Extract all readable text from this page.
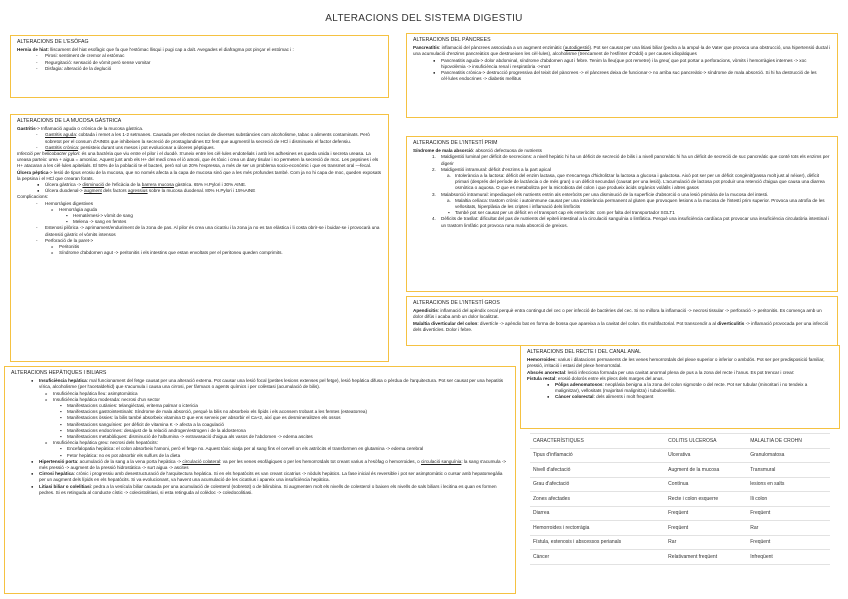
ALTERACIONS DEL SISTEMA DIGESTIU
ALTERACIONS DE L'ESÒFAG

Hernia de hiat: lliscament del hiat esofàgic que fa que l'estómac llisqui i pugi cap a dalt. Avegades el diafragma pot pinçar el estómac i :

- Pirosi: sentiment de cremor al estómac
- Regurgitació: sensació de vòmit però sense vomitar
- Disfagia: alteració de la deglució
ALTERACIONS DE LA MUCOSA GÀSTRICA

Gastritis-> Inflamació aguda o crònica de la mucosa gàstrica.

- Gastritis aguda: cobtada i remet a les 1-2 setmanes. Causada per efectes nocius de diverses substàncies com alcoholisme, tabac o aliments contaminats. Però sobretot per el consum d'AINEs que inhibeixen la secreció de prostaglandines E2 fent que augmentil la secreció de HCl i disminueix el factor defensiu.
- Gastritis crònica: persisteix durant uns mesos i pot evolucionar a úlceres pèptiques.

Infecció per helicobacter pylori: és una bactèria que viu entre el pilor i el duodè. S'uneix entre les cèl·lules endotelials i amb les adhesines es queda unida i secreta ureasa. La ureasa parteix: urea + aigua = amoníac. Aquest junt amb els H+ del medi crea el ió amoni, que és tòxic i crea un dany tisular i no permeten la secreció de moc. Les pepsines i els H+ atacaran a les cèl·lules apitelials. El 50% de la població te el bacteri, però sol un 20% l'expressa, a més de ser un problema socio-econòmic i que es transmet oral —fecal.

Úlcera pèptica-> lesió de tipus erosiu de la mucosa, que no només afecta a la capa de mucosa sinó que a les més profundes també. Com ja no hi capa de moc, queden exposats la pepsina i el HCl que crearan forats.

● Úlcera gàstrica -> disminució de l'eficàcia de la barrera mucosa gàstrica. 65% H.Pylori i 30% AINE.
● Úlcera duodenal-> augment dels factors agressius sobre la mucosa duodenal. 80% H.Pylori i 15%AINE

Complicacions:

- Hemorràgies digestives
o Hemorràgia aguda
▪ Hematèmesi-> vòmit de sang
▪ Melena -> sang en femtes
- Estenosi pilòrica -> aprimament/enduriment de la zona de pas. Al pilor és crea una cicatriu i la zona ja no es tan elàstica i li costa obrir-se i buidar-se i provocarà una distensió gàstric el vòmits intensos
- Perforació de la paret->
o Peritonitis
o Síndrome d'abdomen agut -> peritonitis i els intestins que estan envoltats per el peritoneu queden comprimits.
ALTERACIONS HEPÀTIQUES I BILIARS
● Insuficiència hepàtica: mal funcionament del fetge causat per una alteració externa. Pot causar una lesió focal (petites lesions extenses pel fetge), lesió hepàtica difusa o pèrdua de l'arquitectura. Pot ser causat per una hepatitis vírica, alcoholisme (per l'acetaldehid) que s'acumula i causa una cirrosi, per fàrmacs o agents químics i per colèstasi (acumulació de bilis).
o Insuficiència hepàtica lleu: asimptomàtica
o Insuficiència hepàtica moderada: necrosi d'un sector
▪ Manifestacions cutànies: telangièctasi, eritema palmar o ictericia
▪ Manifestacions gastrointestinals: Síndrome de mala absorció, perquè la bilis no absorbeix els lípids i els aconsem trobant a les femtes (esteatorrea)
▪ Manifestacions òssies: la bilis també absorbeix vitamina D que ens serveix per absorbir el Ca+2, així que es desmineralitzen els ossos
▪ Manifestacions sanguínies: per dèficit de vitamina K -> afecta a la coagulació
▪ Manifestacions endocrines: desajust de la relació androgen/estrogen i de la aldosterona
▪ Manifestacions metabòliques: disminució de l'albumina -> extravasació d'aigua als vasos de l'abdomen -> edema ascites
o Insuficiència hepàtica greu: necrosi dels hepatòcits:
▪ Encefalopatia hepàtica: el colon absorbeix l'amoni, però el fetge no. Aquest tòxic viatja per al sang fins el cervell on els astròcits el transformen en glutamina -> edema cerebral
▪ Fetor hepàtica: no es pot absorbir els sulfurs de la dieta
● Hipertensió porta: acumulació de la sang a la vena porta hepàtica -> circulació colateral: va per les venes esofàgiques o per les hemorroïdals tot creant varius a l'esòfag o hemorroides, o circulació sanguínia: la sang s'acumula -> més pressió -> augment de la pressió hidrostàtica -> surt aigua -> ascites
● Cirrosi hepàtica: crònic i progressiu amb desestructuració de l'arquitectura hepàtica. Si en els hepatòcits es van creant cicatrius -> nòduls hepàtics. La fase inicial és reversible i pot ser asimptomàtic o cursar amb hepatomegàlia per un augment dels lípids en els hepatòcits. Si va evolucionant, va havent una acumulació de les cicatrius i apareix una insuficiència hepàtica.
● Litiasi biliar o colelitiasi: pedra a la vesícula biliar causada per una acumulació de colesterol (sobretot) o de bilirubina. Si augmenten molt els nivells de colesterol o baixen els nivells de sals biliars i lecitina es quan es formen pedres. Si es retinguda al conducte cístic -> colecistolitiasi, si esta retinguda al colèdoc -> coledocolitiasi.
ALTERACIONS DEL PÀNCREES

Pancreatitis: inflamació del pàncrees associada a un augment enzimàtic (autodigestió). Pot ser causat per una litiasi biliar (pedra a la ampul·la de Vater que provoca una obstrucció, una hipertensió ductal i una acumulació d'enzims pancreàtics que destrueixen les cèl·lules), alcoholisme (trencament de l'esfínter d'Oddi) o per causes idiopàtiques

● Pancreatitis aguda-> dolor abdominal, síndrome d'abdomen agut i febre. Tenim la lleu(que pot remetre) i la greu( que pot portar a perforacions, vòmits i hemorràgies internes -> xoc hipovolèmia -> insuficiència renal i respiratòria ->mort
● Pancreatitis crònica-> destrucció progressiva del teixit del pàncrees -> el pàncrees deixa de funcionar-> no arriba suc pancreàtic-> síndrome de mala absorció. Si hi ha destrucció de les cèl·lules endocrines -> diabetis mellitus
ALTERACIONS DE L'INTESTÍ PRIM

Síndrome de mala absorció: absorció defectuosa de nutrients

1. Maldigestió luminal per dèficit de secrecions: a nivell hepàtic hi ha un dèficit de secreció de bilis i a nivell pancreàtic hi ha un dèficit de secreció de suc pancreàtic que conté tots els enzims per digerir
2. Maldigestió intramural: dèficit d'enzims a la part apical
a. Intolerància a la lactosa: dèficit del enzim lactasa, que s'encarrega d'hidrolitzar la lactosa a glucosa i galactosa. Això pot ser per un dèficit congènit(passa molt just al néixer), dèficit primari (després del període de lactància o de més gran) o un dèficit secundari (causat per una lesió). L'acumulació de lactosa pot produir una retenció d'aigua que causa una diarrea osmòtica o aquosa. O que es metabolitza per la microbiota del colon i que produeix àcids orgànics volàtils i altres gasos
3. Malabsorció intramural: impediaquel els nutrients entrin als enteròcits per una disminució de la superfície d'absorció o una lesió primària de la mucosa del intesti.
a. Malaltia celíaca: trastorn crònic i autoimmune causat per una intolerància permanent al gluten que provoquen lesions a la mucosa de l'intestí prim superior. Provoca una atrofia de les vellositats, hiperplàsia de les criptes i inflamació dels limfòcits
▪ També pot ser causat per un dèficit en el transport cap els enteròcits: com per falta del transportador SGLT1
4. Dèficits de trasllat: dificultat del pas de nutrients del epiteli intestinal a la circulació sanguínia o limfàtica. Perquè una insuficiència cardíaca pot provocar una insuficiència circulatòria intestinal i un trastorn limfàtic pot provoca runa mala absorció de greixos.
ALTERACIONS DE L'INTESTÍ GROS

Apendicitis: inflamació del apèndix cecal perquè entra contingut del cec o per infecció de bactèries del cec. Si no millora la inflamació -> necrosi tissular -> perforació -> peritonitis. Es comença amb un dolor difús i acaba amb un dolor localitzat.

Malaltia diverticular del colon: divertícle -> apèndix bat en forma de bossa que apareixa a la cavitat del colon. És multifactorial. Pot transcendir a al diverticulitis -> inflamació provocada per una infecció dels divertícles. Dolor i febre.

ALTERACIONS DEL RECTE I DEL CANAL ANAL

Hemorroides: varius i dilatacions permanents de les venes hemorroïdals del plexe superior o inferior o ambdós. Pot ser per predisposició familiar, pressió, irritació i estasi del plexe hemorroïdal.

Abscés anorectal: lesió infecciosa formada per una cavitat anormal plena de pus a la zona del recte i l'anus. Es pot trencar i crear:

Fístula rectal: erosió dolorós entre els plecs dels marges del anus.

● Pòlips adenomatosos: neoplàsia benigna a la zona del colon sigmoïde o del recte. Pot ser tubular (minoritari i no tendeix a malignitzar), vellositats (majoritari malignitza) i tubulovellós.
● Càncer colorectal: dels aliments i molt freqüent
CARACTERÍSTIQUES	COLITIS ULCEROSA	MALALTIA DE CROHN
Tipus d'inflamació	Ulcerativa	Granulomatosa
Nivell d'afectació	Augment de la mucosa	Transmural
Grau d'afectació	Contínua	lesions en salts
Zones afectades	Recte i colon esquerre	Ili colon
Diarrea	Freqüent	Freqüent
Hemorroides i rectorràgia	Freqüent	Rar
Fístula, estenosis i abscessos perianals	Rar	Freqüent
Càncer	Relativament freqüent	Infreqüent
